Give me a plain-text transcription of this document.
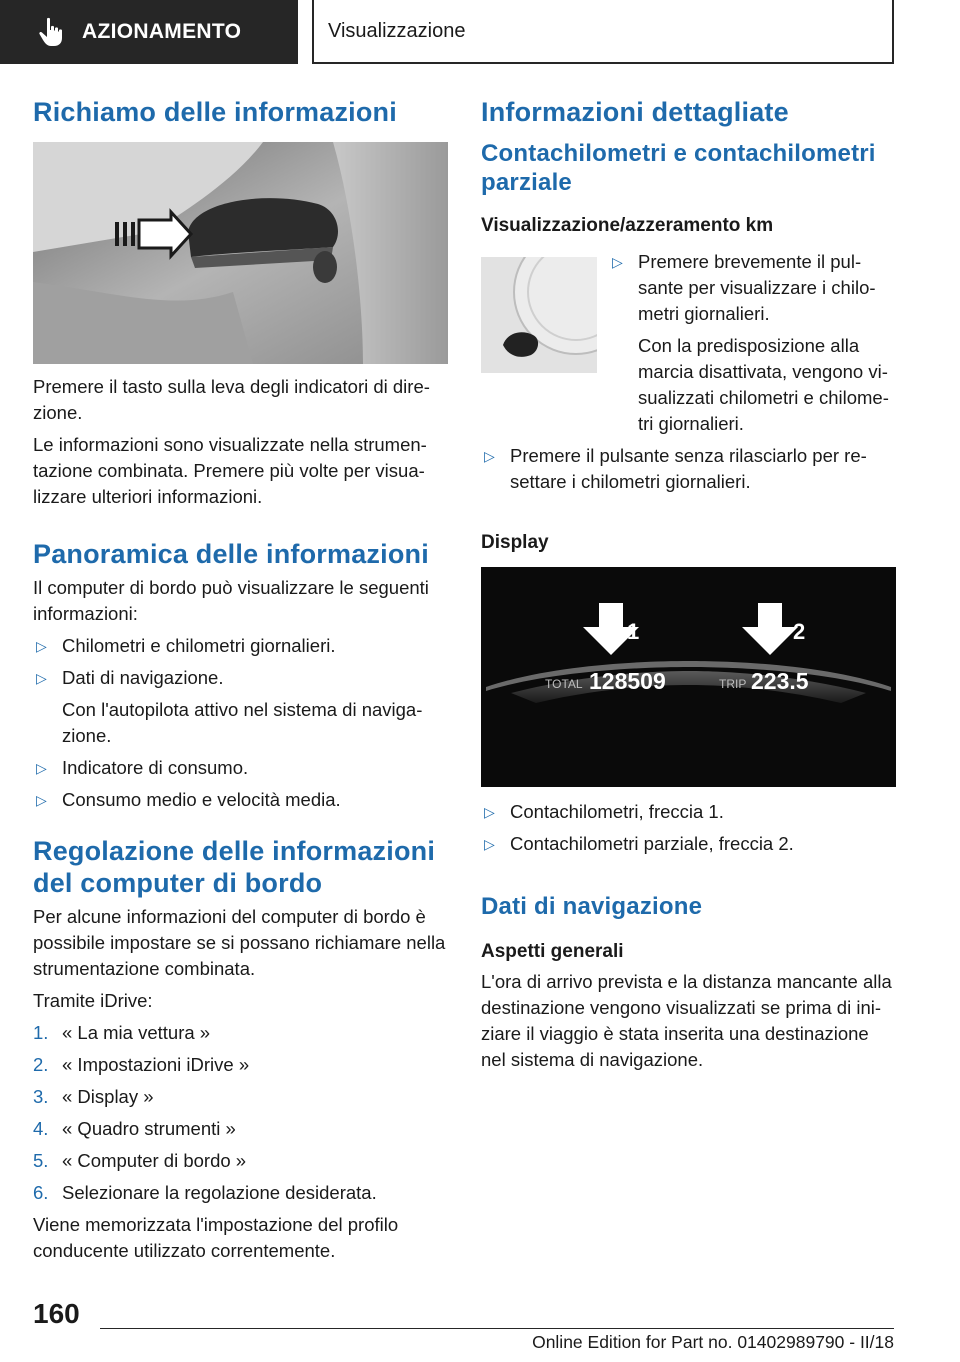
AZIONAMENTO	Visualizzazione
Richiamo delle informazioni

Premere il tasto sulla leva degli indicatori di dire‐zione.

Le informazioni sono visualizzate nella strumen‐tazione combinata. Premere più volte per visua‐lizzare ulteriori informazioni.

Panoramica delle informazioni

Il computer di bordo può visualizzare le seguenti informazioni:

▷ Chilometri e chilometri giornalieri.
▷ Dati di navigazione.
Con l'autopilota attivo nel sistema di naviga‐zione.
▷ Indicatore di consumo.
▷ Consumo medio e velocità media.
Regolazione delle informazioni del computer di bordo

Per alcune informazioni del computer di bordo è possibile impostare se si possano richiamare nella strumentazione combinata.

Tramite iDrive:

1. « La mia vettura »
2. « Impostazioni iDrive »
3. « Display »
4. « Quadro strumenti »
5. « Computer di bordo »
6. Selezionare la regolazione desiderata.

Viene memorizzata l'impostazione del profilo conducente utilizzato correntemente.

Informazioni dettagliate
Contachilometri e contachilometri parziale
Visualizzazione/azzeramento km
▷ Premere brevemente il pul‐sante per visualizzare i chilo‐metri giornalieri.
Con la predisposizione alla marcia disattivata, vengono vi‐sualizzati chilometri e chilome‐tri giornalieri.
▷ Premere il pulsante senza rilasciarlo per re‐settare i chilometri giornalieri.
Display
1	2
TOTAL 128509	TRIP 223.5
▷ Contachilometri, freccia 1.
▷ Contachilometri parziale, freccia 2.
Dati di navigazione
Aspetti generali

L'ora di arrivo prevista e la distanza mancante alla destinazione vengono visualizzati se prima di ini‐ziare il viaggio è stata inserita una destinazione nel sistema di navigazione.

160
Online Edition for Part no. 01402989790 - II/18
